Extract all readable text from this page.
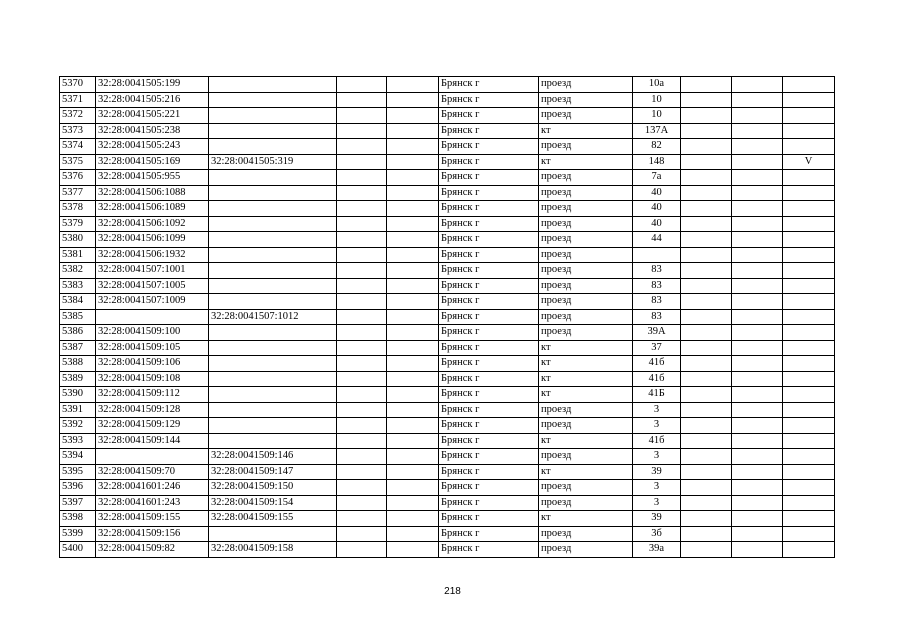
5370	32:28:0041505:199				Брянск г	проезд	10а			
5371	32:28:0041505:216				Брянск г	проезд	10			
5372	32:28:0041505:221				Брянск г	проезд	10			
5373	32:28:0041505:238				Брянск г	кт	137А			
5374	32:28:0041505:243				Брянск г	проезд	82			
5375	32:28:0041505:169	32:28:0041505:319			Брянск г	кт	148			V
5376	32:28:0041505:955				Брянск г	проезд	7а			
5377	32:28:0041506:1088				Брянск г	проезд	40			
5378	32:28:0041506:1089				Брянск г	проезд	40			
5379	32:28:0041506:1092				Брянск г	проезд	40			
5380	32:28:0041506:1099				Брянск г	проезд	44			
5381	32:28:0041506:1932				Брянск г	проезд				
5382	32:28:0041507:1001				Брянск г	проезд	83			
5383	32:28:0041507:1005				Брянск г	проезд	83			
5384	32:28:0041507:1009				Брянск г	проезд	83			
5385		32:28:0041507:1012			Брянск г	проезд	83			
5386	32:28:0041509:100				Брянск г	проезд	39А			
5387	32:28:0041509:105				Брянск г	кт	37			
5388	32:28:0041509:106				Брянск г	кт	41б			
5389	32:28:0041509:108				Брянск г	кт	41б			
5390	32:28:0041509:112				Брянск г	кт	41Б			
5391	32:28:0041509:128				Брянск г	проезд	3			
5392	32:28:0041509:129				Брянск г	проезд	3			
5393	32:28:0041509:144				Брянск г	кт	41б			
5394		32:28:0041509:146			Брянск г	проезд	3			
5395	32:28:0041509:70	32:28:0041509:147			Брянск г	кт	39			
5396	32:28:0041601:246	32:28:0041509:150			Брянск г	проезд	3			
5397	32:28:0041601:243	32:28:0041509:154			Брянск г	проезд	3			
5398	32:28:0041509:155	32:28:0041509:155			Брянск г	кт	39			
5399	32:28:0041509:156				Брянск г	проезд	3б			
5400	32:28:0041509:82	32:28:0041509:158			Брянск г	проезд	39а			
218
